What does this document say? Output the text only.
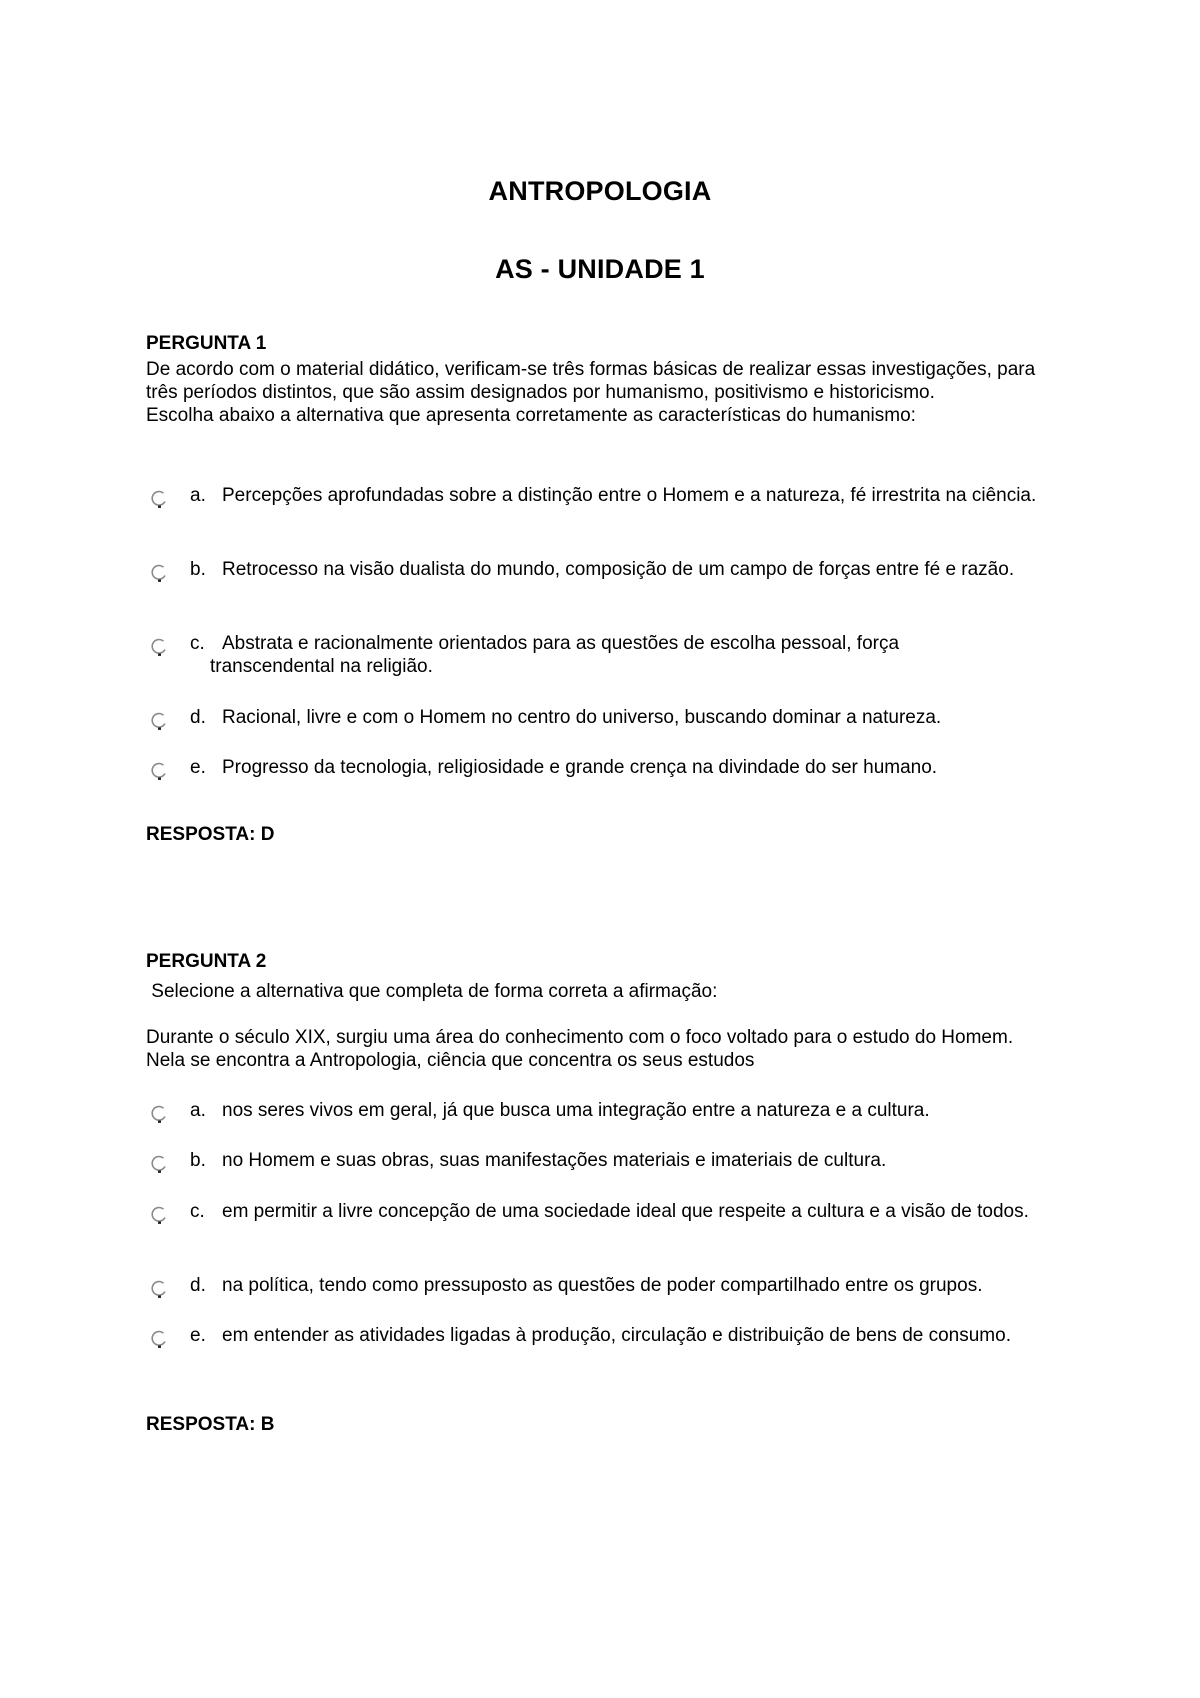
ANTROPOLOGIA
AS - UNIDADE 1
PERGUNTA 1
De acordo com o material didático, verificam-se três formas básicas de realizar essas investigações, para três períodos distintos, que são assim designados por humanismo, positivismo e historicismo.
Escolha abaixo a alternativa que apresenta corretamente as características do humanismo:
a. Percepções aprofundadas sobre a distinção entre o Homem e a natureza, fé irrestrita na ciência.
b. Retrocesso na visão dualista do mundo, composição de um campo de forças entre fé e razão.
c. Abstrata e racionalmente orientados para as questões de escolha pessoal, força transcendental na religião.
d. Racional, livre e com o Homem no centro do universo, buscando dominar a natureza.
e. Progresso da tecnologia, religiosidade e grande crença na divindade do ser humano.
RESPOSTA: D
PERGUNTA 2
Selecione a alternativa que completa de forma correta a afirmação:
Durante o século XIX, surgiu uma área do conhecimento com o foco voltado para o estudo do Homem. Nela se encontra a Antropologia, ciência que concentra os seus estudos
a. nos seres vivos em geral, já que busca uma integração entre a natureza e a cultura.
b. no Homem e suas obras, suas manifestações materiais e imateriais de cultura.
c. em permitir a livre concepção de uma sociedade ideal que respeite a cultura e a visão de todos.
d. na política, tendo como pressuposto as questões de poder compartilhado entre os grupos.
e. em entender as atividades ligadas à produção, circulação e distribuição de bens de consumo.
RESPOSTA: B
